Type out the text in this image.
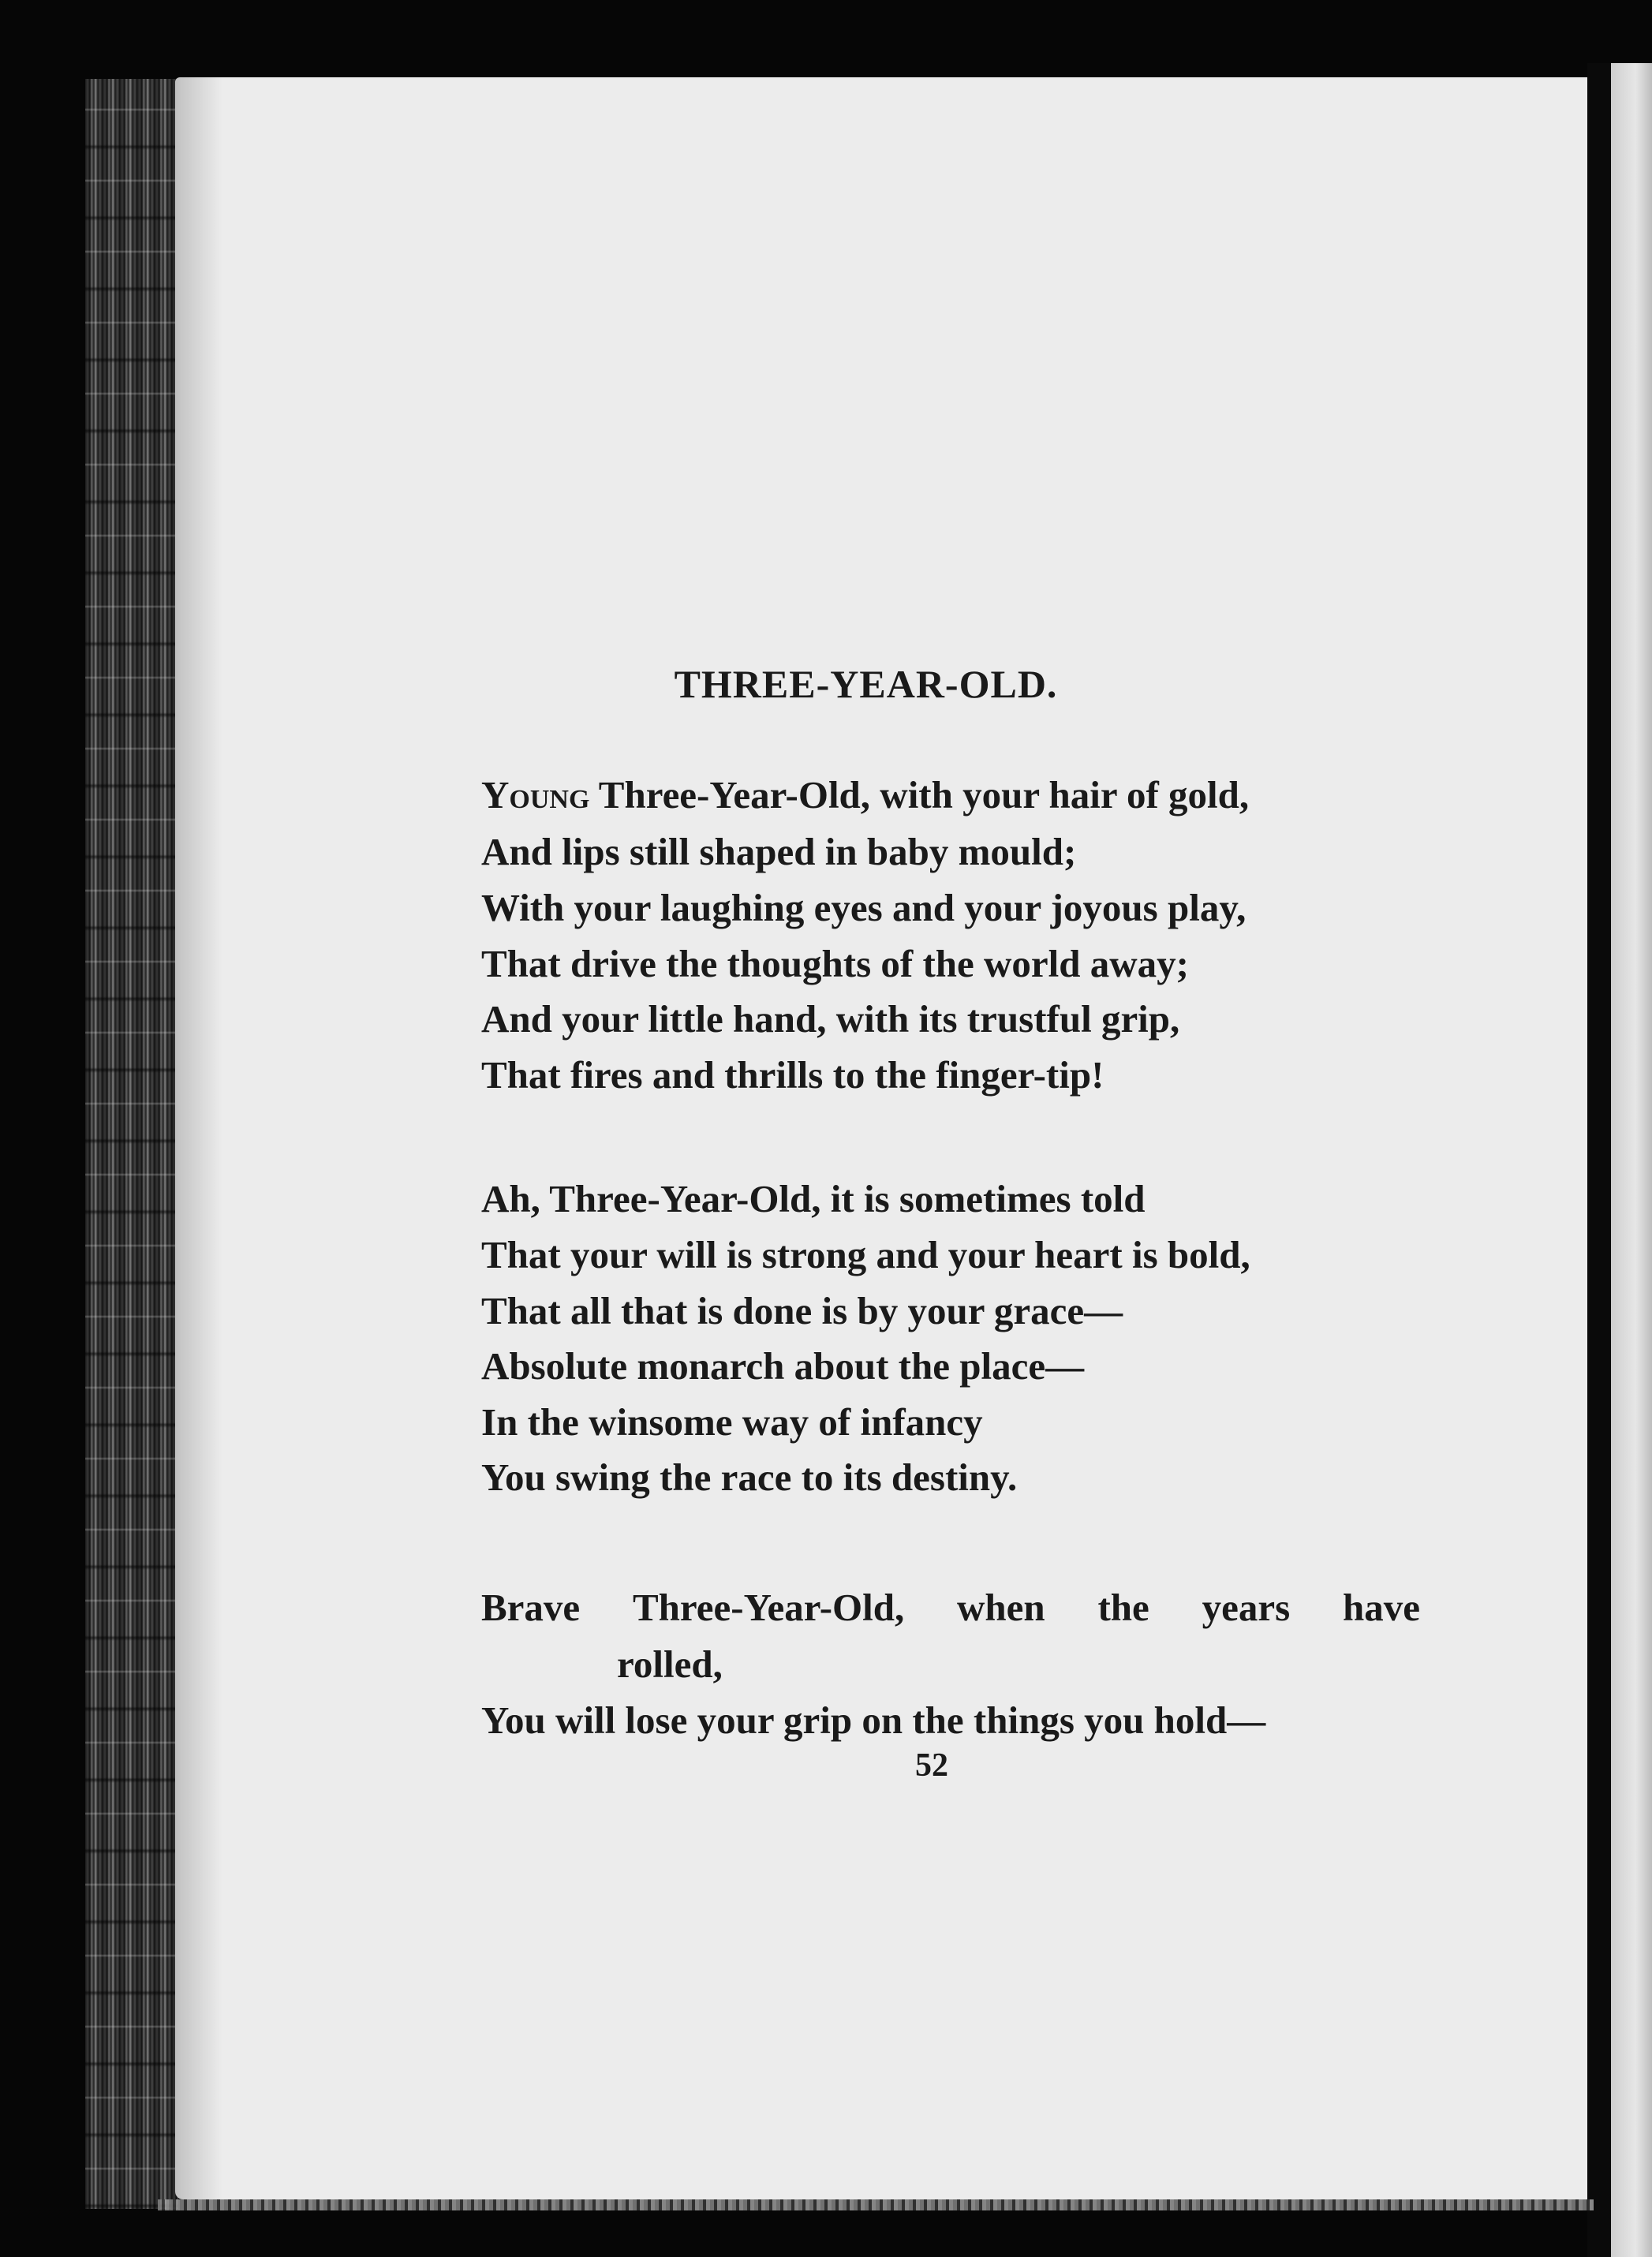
THREE-YEAR-OLD.
Young Three-Year-Old, with your hair of gold,
And lips still shaped in baby mould;
With your laughing eyes and your joyous play,
That drive the thoughts of the world away;
And your little hand, with its trustful grip,
That fires and thrills to the finger-tip!
Ah, Three-Year-Old, it is sometimes told
That your will is strong and your heart is bold,
That all that is done is by your grace—
Absolute monarch about the place—
In the winsome way of infancy
You swing the race to its destiny.
Brave Three-Year-Old, when the years have
rolled,
You will lose your grip on the things you hold—
52
